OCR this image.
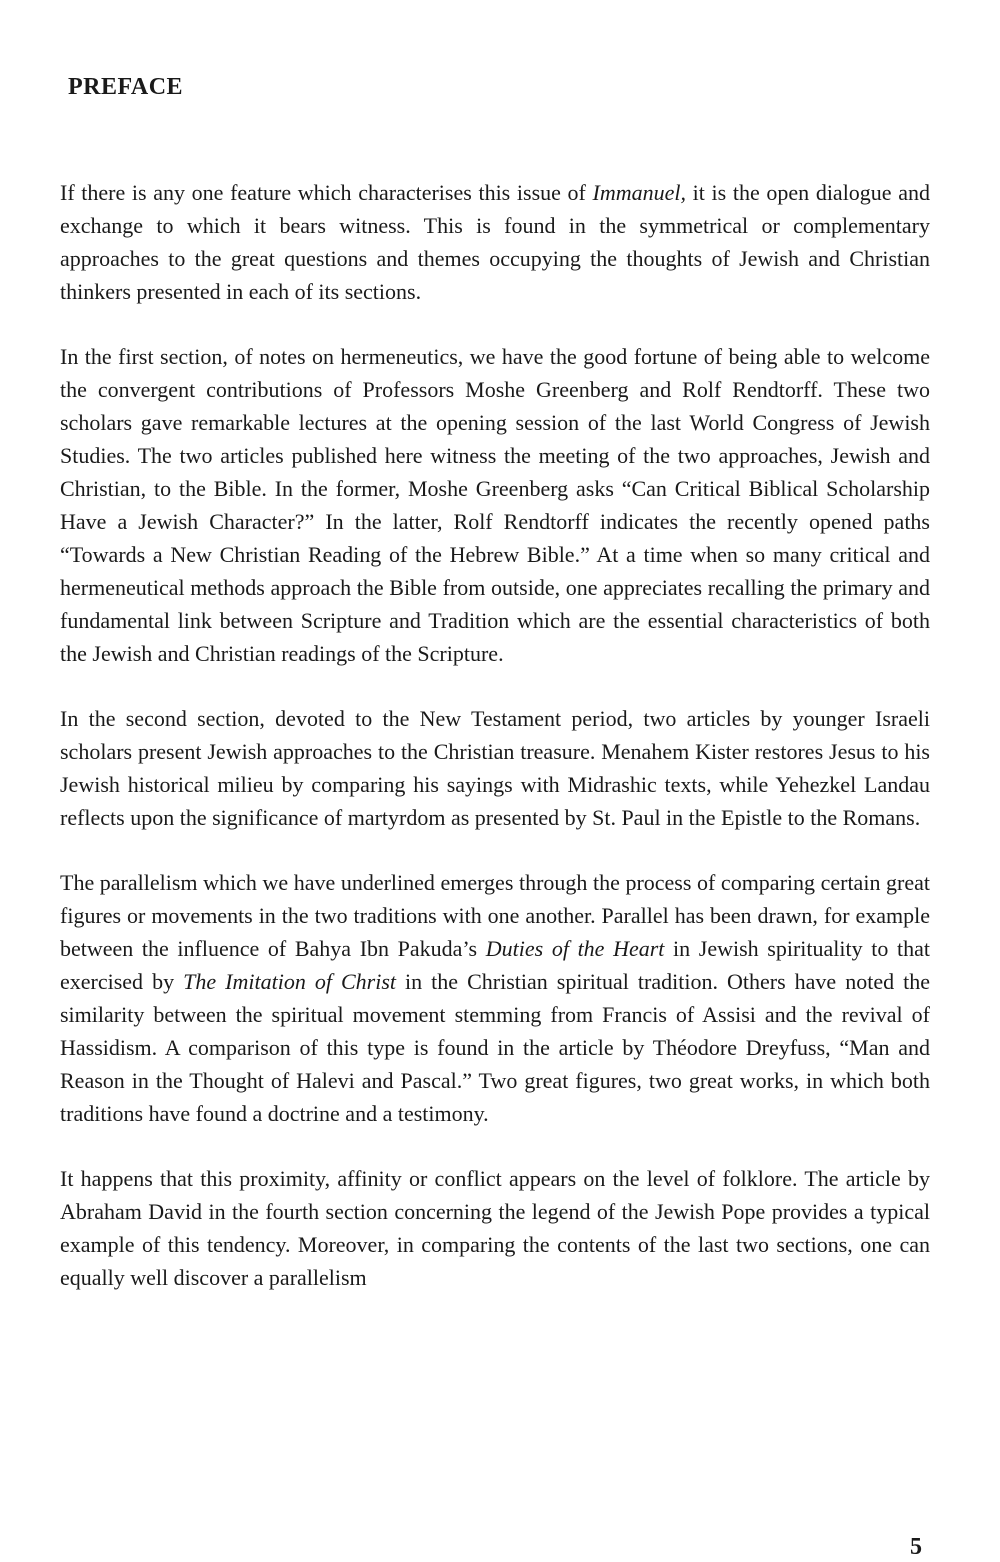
PREFACE

If there is any one feature which characterises this issue of Immanuel, it is the open dialogue and exchange to which it bears witness. This is found in the symmetrical or complementary approaches to the great questions and themes occupying the thoughts of Jewish and Christian thinkers presented in each of its sections.

In the first section, of notes on hermeneutics, we have the good fortune of being able to welcome the convergent contributions of Professors Moshe Greenberg and Rolf Rendtorff. These two scholars gave remarkable lectures at the opening session of the last World Congress of Jewish Studies. The two articles published here witness the meeting of the two approaches, Jewish and Christian, to the Bible. In the former, Moshe Greenberg asks “Can Critical Biblical Scholarship Have a Jewish Character?” In the latter, Rolf Rendtorff indicates the recently opened paths “Towards a New Christian Reading of the Hebrew Bible.” At a time when so many critical and hermeneutical methods approach the Bible from outside, one appreciates recalling the primary and fundamental link between Scripture and Tradition which are the essential characteristics of both the Jewish and Christian readings of the Scripture.

In the second section, devoted to the New Testament period, two articles by younger Israeli scholars present Jewish approaches to the Christian treasure. Menahem Kister restores Jesus to his Jewish historical milieu by comparing his sayings with Midrashic texts, while Yehezkel Landau reflects upon the significance of martyrdom as presented by St. Paul in the Epistle to the Romans.

The parallelism which we have underlined emerges through the process of comparing certain great figures or movements in the two traditions with one another. Parallel has been drawn, for example between the influence of Bahya Ibn Pakuda’s Duties of the Heart in Jewish spirituality to that exercised by The Imitation of Christ in the Christian spiritual tradition. Others have noted the similarity between the spiritual movement stemming from Francis of Assisi and the revival of Hassidism. A comparison of this type is found in the article by Théodore Dreyfuss, “Man and Reason in the Thought of Halevi and Pascal.” Two great figures, two great works, in which both traditions have found a doctrine and a testimony.

It happens that this proximity, affinity or conflict appears on the level of folklore. The article by Abraham David in the fourth section concerning the legend of the Jewish Pope provides a typical example of this tendency. Moreover, in comparing the contents of the last two sections, one can equally well discover a parallelism

5
